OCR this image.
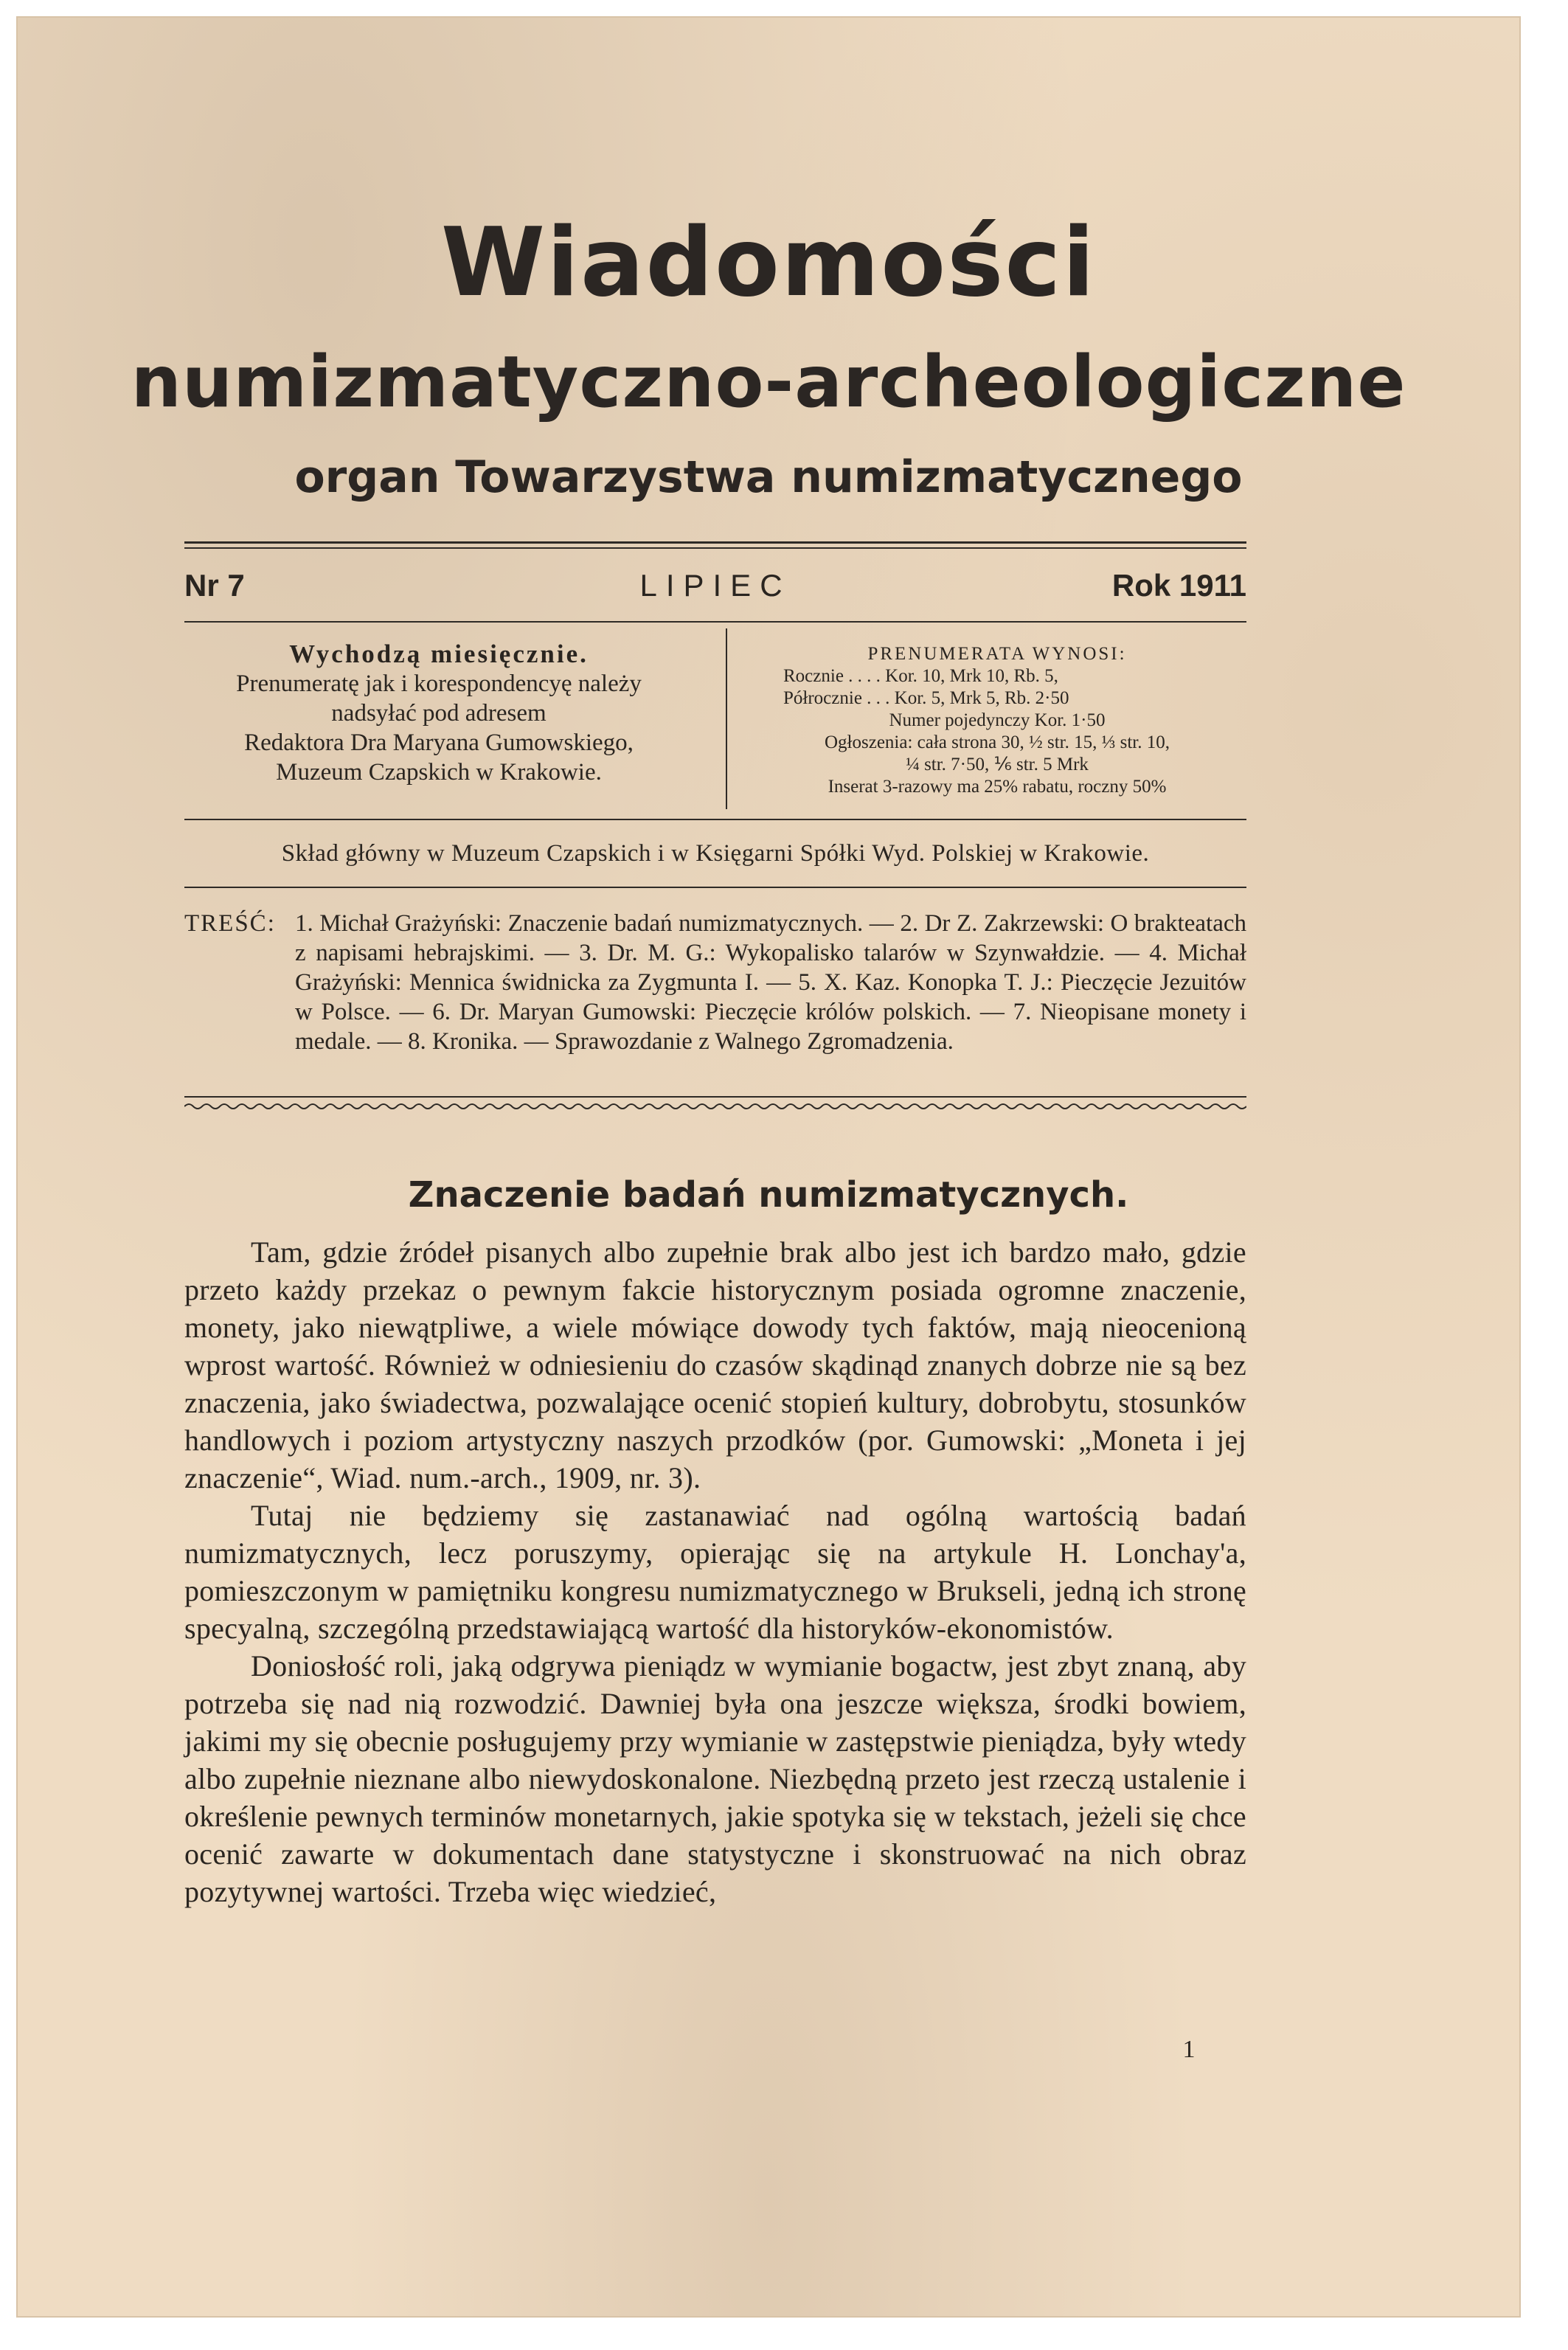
Wiadomości
numizmatyczno-archeologiczne
organ Towarzystwa numizmatycznego
Nr 7	LIPIEC	Rok 1911
Wychodzą miesięcznie.
Prenumeratę jak i korespondencyę należy
nadsyłać pod adresem
Redaktora Dra Maryana Gumowskiego,
Muzeum Czapskich w Krakowie.
PRENUMERATA WYNOSI:
Rocznie . . . . Kor. 10, Mrk 10, Rb. 5,
Półrocznie . . . Kor. 5, Mrk 5, Rb. 2·50
Numer pojedynczy Kor. 1·50
Ogłoszenia: cała strona 30, ½ str. 15, ⅓ str. 10,
¼ str. 7·50, ⅙ str. 5 Mrk
Inserat 3-razowy ma 25% rabatu, roczny 50%
Skład główny w Muzeum Czapskich i w Księgarni Spółki Wyd. Polskiej w Krakowie.
TREŚĆ: 1. Michał Grażyński: Znaczenie badań numizmatycznych. — 2. Dr Z. Zakrzewski: O brakteatach z napisami hebrajskimi. — 3. Dr. M. G.: Wykopalisko talarów w Szynwałdzie. — 4. Michał Grażyński: Mennica świdnicka za Zygmunta I. — 5. X. Kaz. Konopka T. J.: Pieczęcie Jezuitów w Polsce. — 6. Dr. Maryan Gumowski: Pieczęcie królów polskich. — 7. Nieopisane monety i medale. — 8. Kronika. — Sprawozdanie z Walnego Zgromadzenia.
Znaczenie badań numizmatycznych.

Tam, gdzie źródeł pisanych albo zupełnie brak albo jest ich bardzo mało, gdzie przeto każdy przekaz o pewnym fakcie historycznym posiada ogromne znaczenie, monety, jako niewątpliwe, a wiele mówiące dowody tych faktów, mają nieocenioną wprost wartość. Również w odniesieniu do czasów skądinąd znanych dobrze nie są bez znaczenia, jako świadectwa, pozwalające ocenić stopień kultury, dobrobytu, stosunków handlowych i poziom artystyczny naszych przodków (por. Gumowski: „Moneta i jej znaczenie“, Wiad. num.-arch., 1909, nr. 3).

Tutaj nie będziemy się zastanawiać nad ogólną wartością badań numizmatycznych, lecz poruszymy, opierając się na artykule H. Lonchay'a, pomieszczonym w pamiętniku kongresu numizmatycznego w Brukseli, jedną ich stronę specyalną, szczególną przedstawiającą wartość dla historyków-ekonomistów.

Doniosłość roli, jaką odgrywa pieniądz w wymianie bogactw, jest zbyt znaną, aby potrzeba się nad nią rozwodzić. Dawniej była ona jeszcze większa, środki bowiem, jakimi my się obecnie posługujemy przy wymianie w zastępstwie pieniądza, były wtedy albo zupełnie nieznane albo niewydoskonalone. Niezbędną przeto jest rzeczą ustalenie i określenie pewnych terminów monetarnych, jakie spotyka się w tekstach, jeżeli się chce ocenić zawarte w dokumentach dane statystyczne i skonstruować na nich obraz pozytywnej wartości. Trzeba więc wiedzieć,

1
